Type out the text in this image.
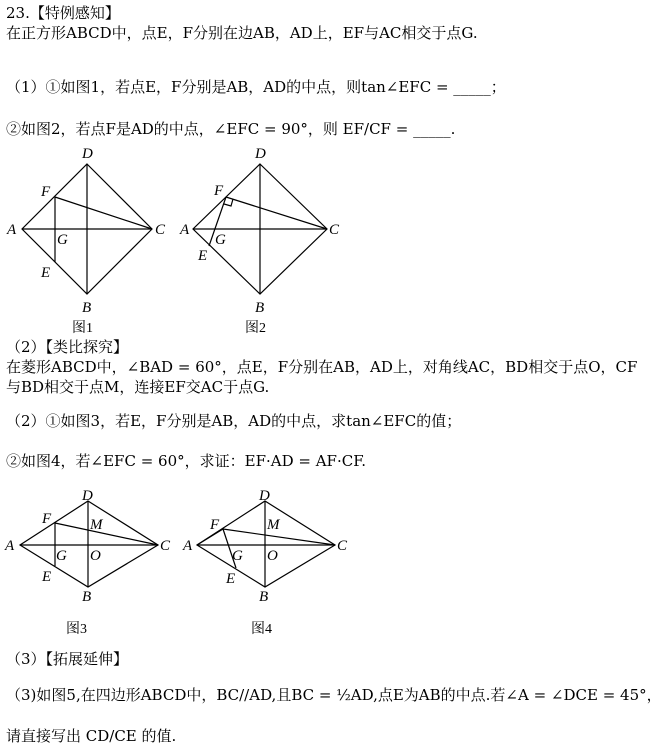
23.【特例感知】
在正方形ABCD中，点E，F分别在边AB，AD上，EF与AC相交于点G.
（1）①如图1，若点E，F分别是AB，AD的中点，则tan∠EFC = _____；
②如图2，若点F是AD的中点，∠EFC = 90°，则 EF/CF = _____.
D
C
B
A
F
G
E
图1
D
C
B
A
F
G
E
图2
（2）【类比探究】
在菱形ABCD中，∠BAD = 60°，点E，F分别在AB，AD上，对角线AC，BD相交于点O，CF
与BD相交于点M，连接EF交AC于点G.
（2）①如图3，若E，F分别是AB，AD的中点，求tan∠EFC的值；
②如图4，若∠EFC = 60°，求证：EF·AD = AF·CF.
D
C
B
A
F	M
G O
E
图3
D
C
B
A
F	M
G O
E
图4
（3）【拓展延伸】
（3)如图5,在四边形ABCD中，BC//AD,且BC = ½AD,点E为AB的中点.若∠A = ∠DCE = 45°，
请直接写出 CD/CE 的值.
